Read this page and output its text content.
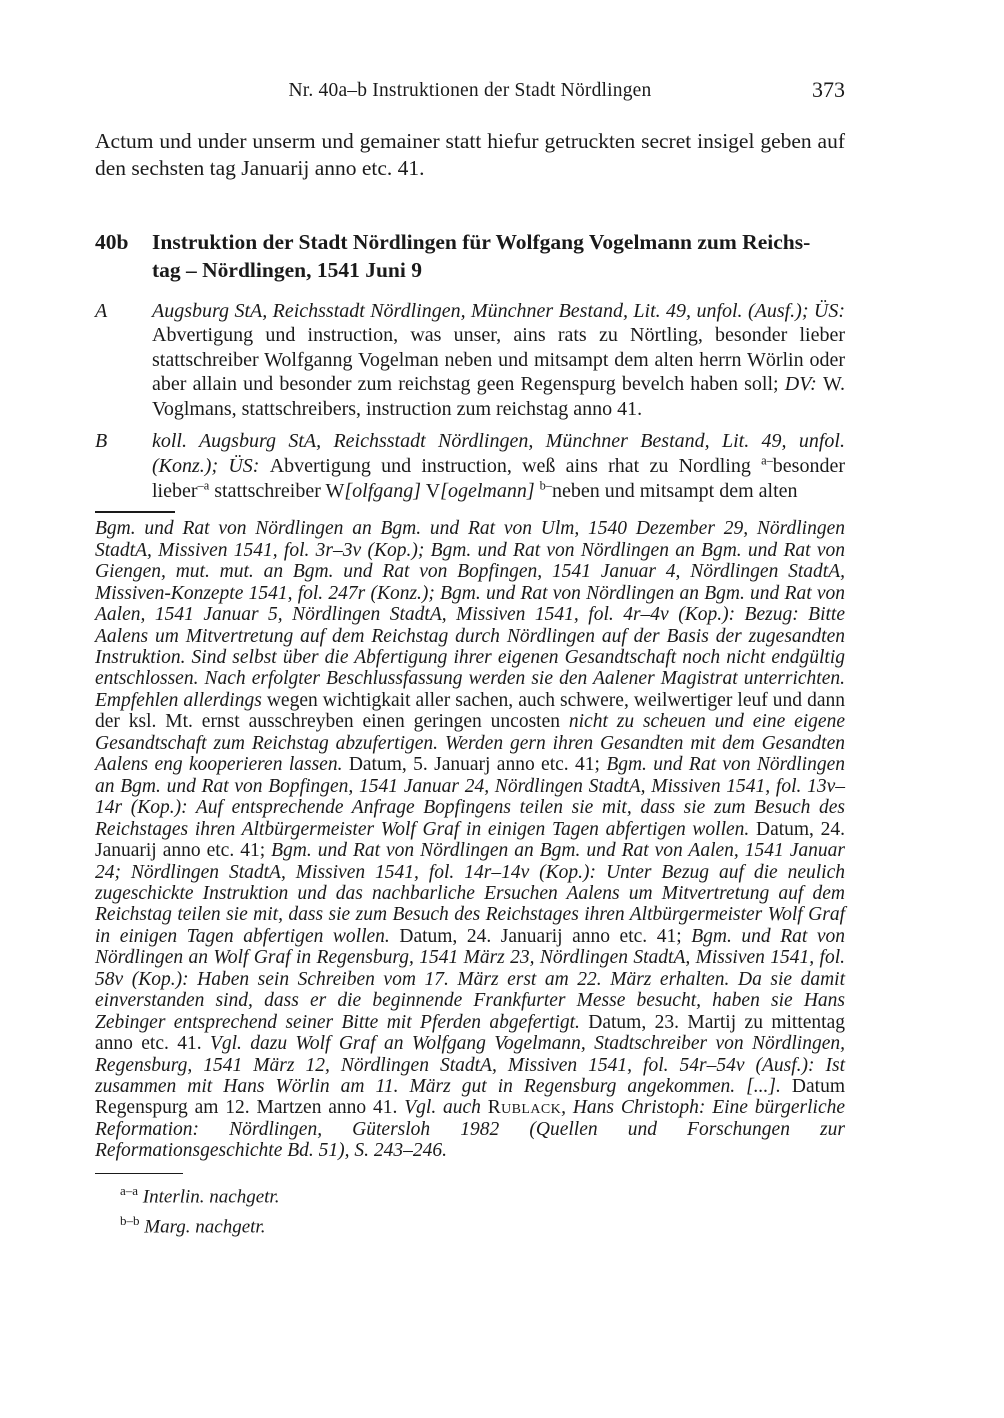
Nr. 40a–b Instruktionen der Stadt Nördlingen	373

Actum und under unserm und gemainer statt hiefur getruckten secret insigel geben auf den sechsten tag Januarij anno etc. 41.

40b	Instruktion der Stadt Nördlingen für Wolfgang Vogelmann zum Reichs-
tag – Nördlingen, 1541 Juni 9
A	Augsburg StA, Reichsstadt Nördlingen, Münchner Bestand, Lit. 49, unfol. (Ausf.); ÜS: Abvertigung und instruction, was unser, ains rats zu Nörtling, besonder lieber stattschreiber Wolfganng Vogelman neben und mitsampt dem alten herrn Wörlin oder aber allain und besonder zum reichstag geen Regenspurg bevelch haben soll; DV: W. Voglmans, stattschreibers, instruction zum reichstag anno 41.
B	koll. Augsburg StA, Reichsstadt Nördlingen, Münchner Bestand, Lit. 49, unfol. (Konz.); ÜS: Abvertigung und instruction, weß ains rhat zu Nordling $^{a-}$besonder lieber$^{-a}$ stattschreiber W[olfgang] V[ogelmann] $^{b-}$neben und mitsampt dem alten
Bgm. und Rat von Nördlingen an Bgm. und Rat von Ulm, 1540 Dezember 29, Nördlingen StadtA, Missiven 1541, fol. 3r–3v (Kop.); Bgm. und Rat von Nördlingen an Bgm. und Rat von Giengen, mut. mut. an Bgm. und Rat von Bopfingen, 1541 Januar 4, Nördlingen StadtA, Missiven-Konzepte 1541, fol. 247r (Konz.); Bgm. und Rat von Nördlingen an Bgm. und Rat von Aalen, 1541 Januar 5, Nördlingen StadtA, Missiven 1541, fol. 4r–4v (Kop.): Bezug: Bitte Aalens um Mitvertretung auf dem Reichstag durch Nördlingen auf der Basis der zugesandten Instruktion. Sind selbst über die Abfertigung ihrer eigenen Gesandtschaft noch nicht endgültig entschlossen. Nach erfolgter Beschlussfassung werden sie den Aalener Magistrat unterrichten. Empfehlen allerdings wegen wichtigkait aller sachen, auch schwere, weilwertiger leuf und dann der ksl. Mt. ernst ausschreyben einen geringen uncosten nicht zu scheuen und eine eigene Gesandtschaft zum Reichstag abzufertigen. Werden gern ihren Gesandten mit dem Gesandten Aalens eng kooperieren lassen. Datum, 5. Januarj anno etc. 41; Bgm. und Rat von Nördlingen an Bgm. und Rat von Bopfingen, 1541 Januar 24, Nördlingen StadtA, Missiven 1541, fol. 13v–14r (Kop.): Auf entsprechende Anfrage Bopfingens teilen sie mit, dass sie zum Besuch des Reichstages ihren Altbürgermeister Wolf Graf in einigen Tagen abfertigen wollen. Datum, 24. Januarij anno etc. 41; Bgm. und Rat von Nördlingen an Bgm. und Rat von Aalen, 1541 Januar 24; Nördlingen StadtA, Missiven 1541, fol. 14r–14v (Kop.): Unter Bezug auf die neulich zugeschickte Instruktion und das nachbarliche Ersuchen Aalens um Mitvertretung auf dem Reichstag teilen sie mit, dass sie zum Besuch des Reichstages ihren Altbürgermeister Wolf Graf in einigen Tagen abfertigen wollen. Datum, 24. Januarij anno etc. 41; Bgm. und Rat von Nördlingen an Wolf Graf in Regensburg, 1541 März 23, Nördlingen StadtA, Missiven 1541, fol. 58v (Kop.): Haben sein Schreiben vom 17. März erst am 22. März erhalten. Da sie damit einverstanden sind, dass er die beginnende Frankfurter Messe besucht, haben sie Hans Zebinger entsprechend seiner Bitte mit Pferden abgefertigt. Datum, 23. Martij zu mittentag anno etc. 41. Vgl. dazu Wolf Graf an Wolfgang Vogelmann, Stadtschreiber von Nördlingen, Regensburg, 1541 März 12, Nördlingen StadtA, Missiven 1541, fol. 54r–54v (Ausf.): Ist zusammen mit Hans Wörlin am 11. März gut in Regensburg angekommen. [...]. Datum Regenspurg am 12. Martzen anno 41. Vgl. auch Rublack, Hans Christoph: Eine bürgerliche Reformation: Nördlingen, Gütersloh 1982 (Quellen und Forschungen zur Reformationsgeschichte Bd. 51), S. 243–246.
$^{a-a}$ Interlin. nachgetr.
$^{b-b}$ Marg. nachgetr.
